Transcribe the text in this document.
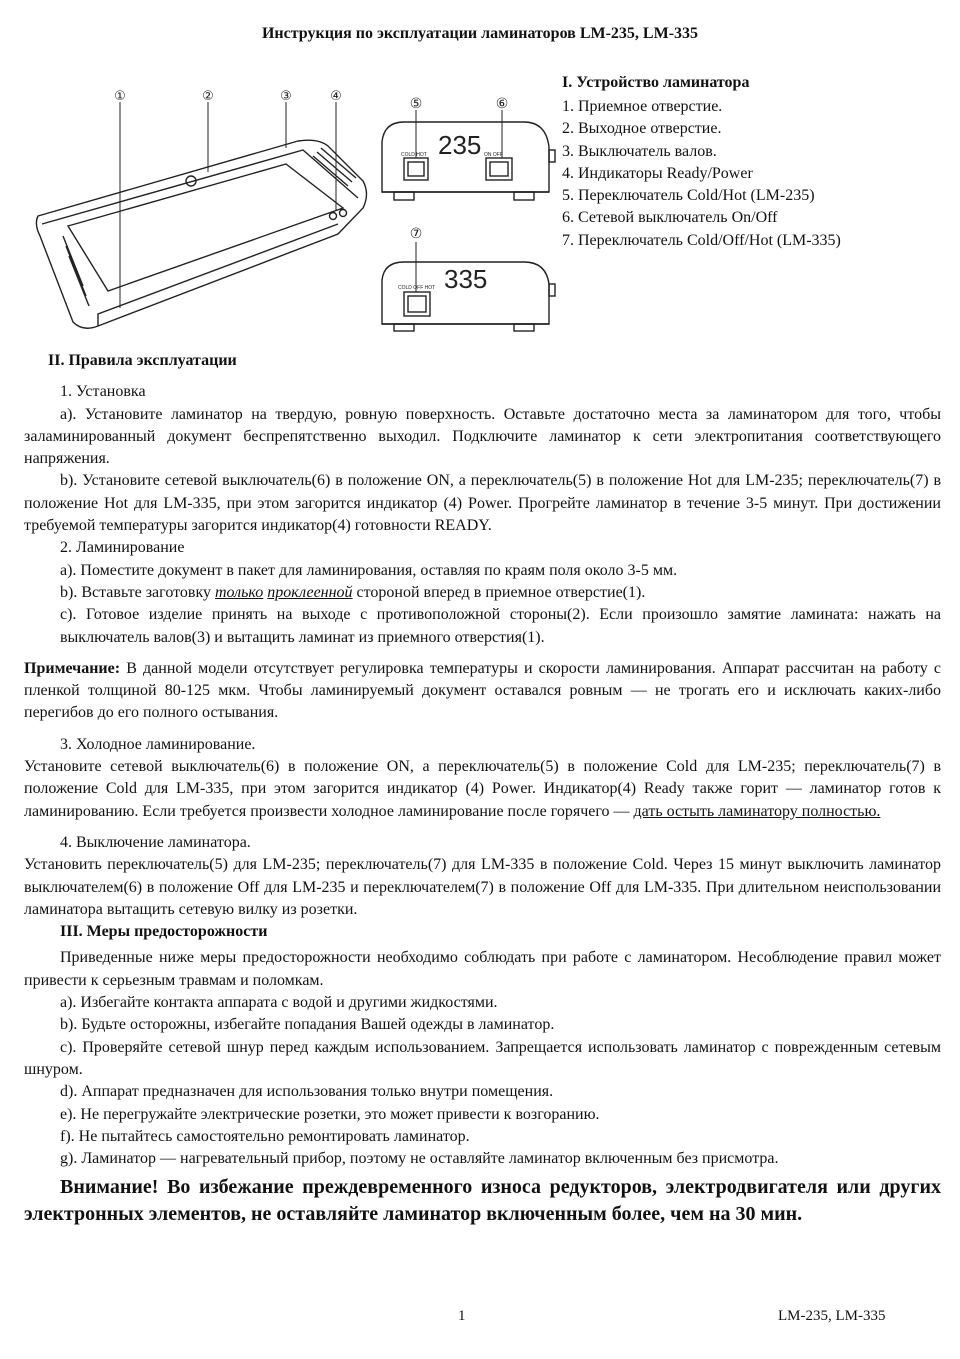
Инструкция по эксплуатации ламинаторов LM-235, LM-335
①	②	③	④
235
COLD HOT	ON OFF
⑤	⑥
335
COLD OFF HOT
⑦
I. Устройство ламинатора
1. Приемное отверстие.
2. Выходное отверстие.
3. Выключатель валов.
4. Индикаторы Ready/Power
5. Переключатель Cold/Hot (LM-235)
6. Сетевой выключатель On/Off
7. Переключатель Cold/Off/Hot (LM-335)

II. Правила эксплуатации

1. Установка

a). Установите ламинатор на твердую, ровную поверхность. Оставьте достаточно места за ламинатором для того, чтобы заламинированный документ беспрепятственно выходил. Подключите ламинатор к сети электропитания соответствующего напряжения.

b). Установите сетевой выключатель(6) в положение ON, а переключатель(5) в положение Hot для LM-235; переключатель(7) в положение Hot для LM-335, при этом загорится индикатор (4) Power. Прогрейте ламинатор в течение 3-5 минут. При достижении требуемой температуры загорится индикатор(4) готовности READY.

2. Ламинирование

a). Поместите документ в пакет для ламинирования, оставляя по краям поля около 3-5 мм.

b). Вставьте заготовку только проклеенной стороной вперед в приемное отверстие(1).

c). Готовое изделие принять на выходе с противоположной стороны(2). Если произошло замятие ламината: нажать на выключатель валов(3) и вытащить ламинат из приемного отверстия(1).

Примечание: В данной модели отсутствует регулировка температуры и скорости ламинирования. Аппарат рассчитан на работу с пленкой толщиной 80-125 мкм. Чтобы ламинируемый документ оставался ровным — не трогать его и исключать каких-либо перегибов до его полного остывания.

3. Холодное ламинирование.

Установите сетевой выключатель(6) в положение ON, а переключатель(5) в положение Cold для LM-235; переключатель(7) в положение Cold для LM-335, при этом загорится индикатор (4) Power. Индикатор(4) Ready также горит — ламинатор готов к ламинированию. Если требуется произвести холодное ламинирование после горячего — дать остыть ламинатору полностью.

4. Выключение ламинатора.

Установить переключатель(5) для LM-235; переключатель(7) для LM-335 в положение Cold. Через 15 минут выключить ламинатор выключателем(6) в положение Off для LM-235 и переключателем(7) в положение Off для LM-335. При длительном неиспользовании ламинатора вытащить сетевую вилку из розетки.

III. Меры предосторожности

Приведенные ниже меры предосторожности необходимо соблюдать при работе с ламинатором. Несоблюдение правил может привести к серьезным травмам и поломкам.

a). Избегайте контакта аппарата с водой и другими жидкостями.

b). Будьте осторожны, избегайте попадания Вашей одежды в ламинатор.

c). Проверяйте сетевой шнур перед каждым использованием. Запрещается использовать ламинатор с поврежденным сетевым шнуром.

d). Аппарат предназначен для использования только внутри помещения.

e). Не перегружайте электрические розетки, это может привести к возгоранию.

f). Не пытайтесь самостоятельно ремонтировать ламинатор.

g). Ламинатор — нагревательный прибор, поэтому не оставляйте ламинатор включенным без присмотра.

Внимание! Во избежание преждевременного износа редукторов, электродвигателя или других электронных элементов, не оставляйте ламинатор включенным более, чем на 30 мин.

1	LM-235, LM-335
